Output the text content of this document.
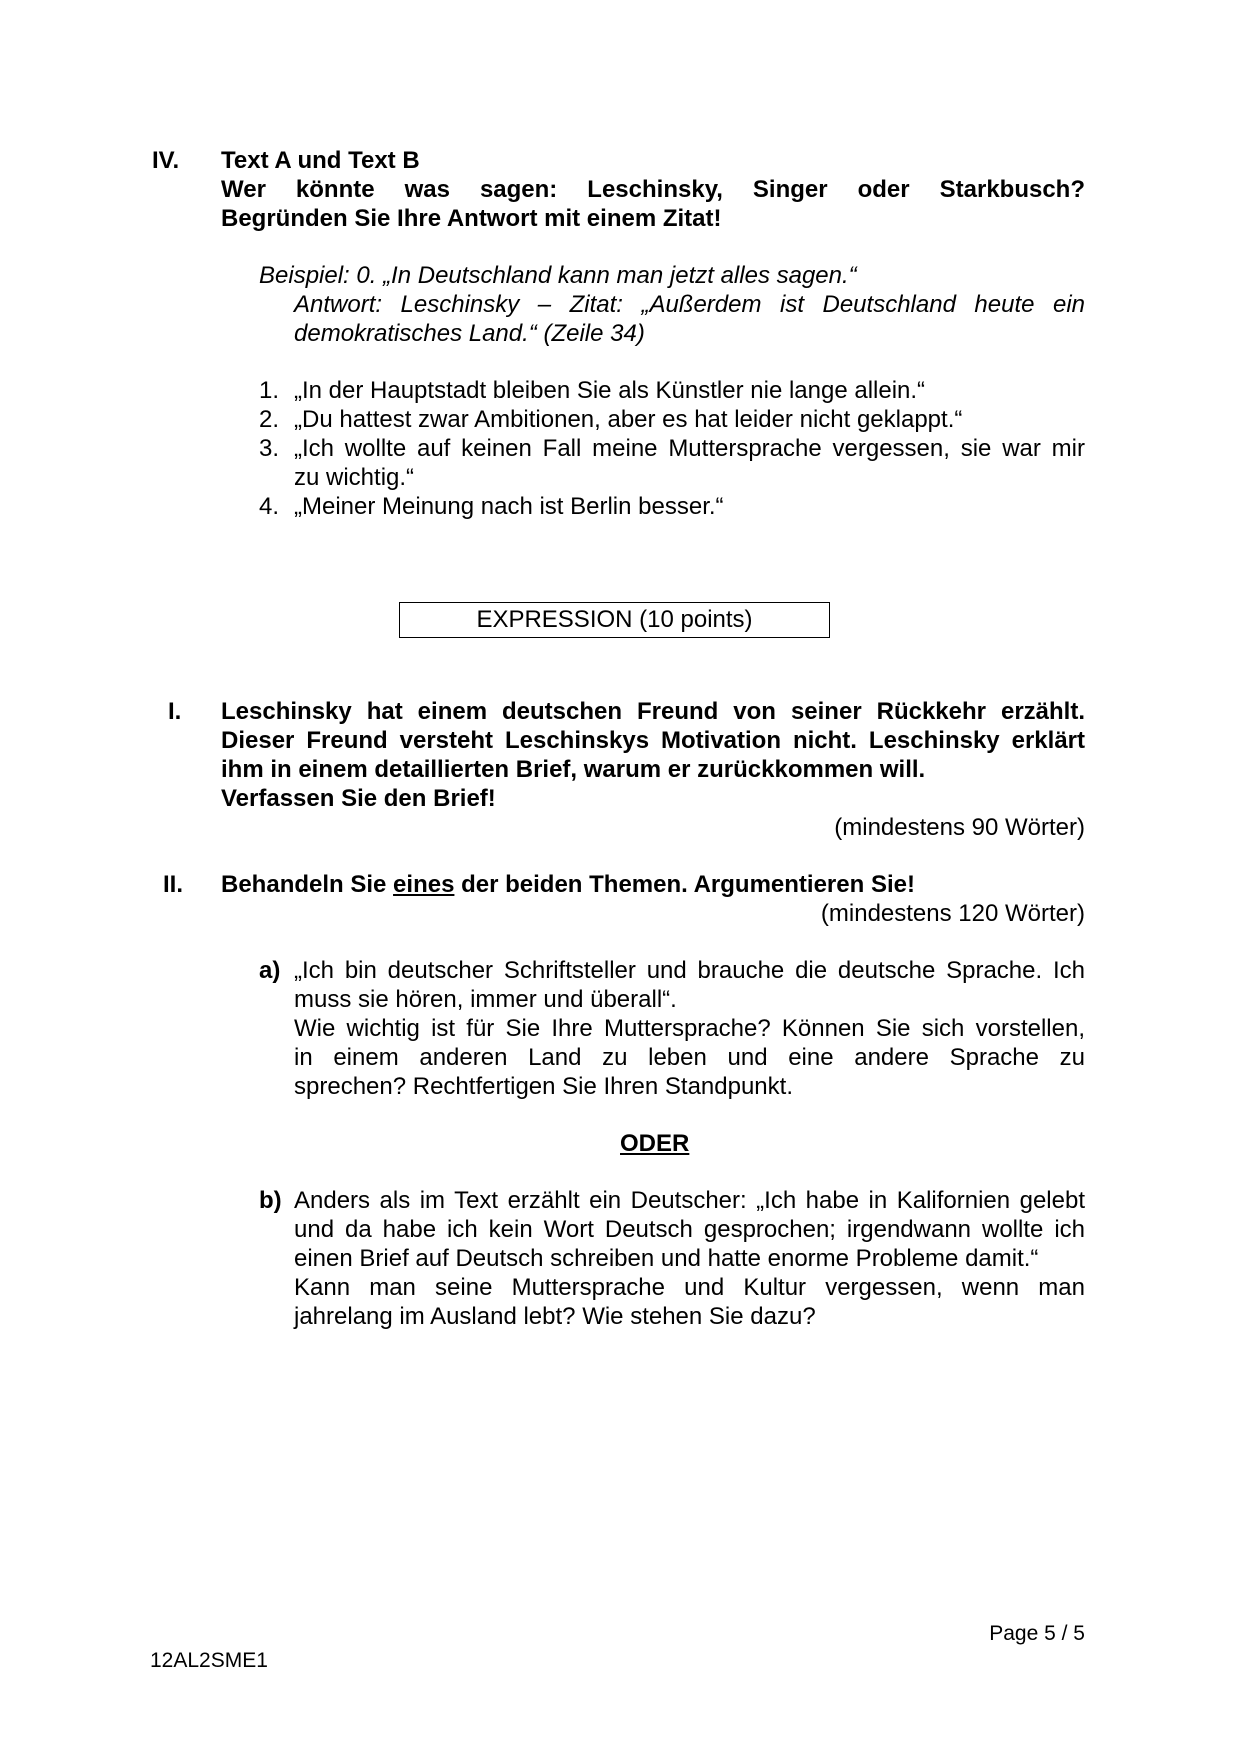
IV. Text A und Text B
Wer könnte was sagen: Leschinsky, Singer oder Starkbusch?
Begründen Sie Ihre Antwort mit einem Zitat!
Beispiel: 0. „In Deutschland kann man jetzt alles sagen.“
Antwort: Leschinsky – Zitat: „Außerdem ist Deutschland heute ein
demokratisches Land.“ (Zeile 34)
1. „In der Hauptstadt bleiben Sie als Künstler nie lange allein.“
2. „Du hattest zwar Ambitionen, aber es hat leider nicht geklappt.“
3. „Ich wollte auf keinen Fall meine Muttersprache vergessen, sie war mir
zu wichtig.“
4. „Meiner Meinung nach ist Berlin besser.“
EXPRESSION (10 points)
I. Leschinsky hat einem deutschen Freund von seiner Rückkehr erzählt.
Dieser Freund versteht Leschinskys Motivation nicht. Leschinsky erklärt
ihm in einem detaillierten Brief, warum er zurückkommen will.
Verfassen Sie den Brief!
(mindestens 90 Wörter)
II. Behandeln Sie eines der beiden Themen. Argumentieren Sie!
(mindestens 120 Wörter)
a) „Ich bin deutscher Schriftsteller und brauche die deutsche Sprache. Ich
muss sie hören, immer und überall“.
Wie wichtig ist für Sie Ihre Muttersprache? Können Sie sich vorstellen,
in einem anderen Land zu leben und eine andere Sprache zu
sprechen? Rechtfertigen Sie Ihren Standpunkt.
ODER
b) Anders als im Text erzählt ein Deutscher: „Ich habe in Kalifornien gelebt
und da habe ich kein Wort Deutsch gesprochen; irgendwann wollte ich
einen Brief auf Deutsch schreiben und hatte enorme Probleme damit.“
Kann man seine Muttersprache und Kultur vergessen, wenn man
jahrelang im Ausland lebt? Wie stehen Sie dazu?
Page 5 / 5
12AL2SME1
